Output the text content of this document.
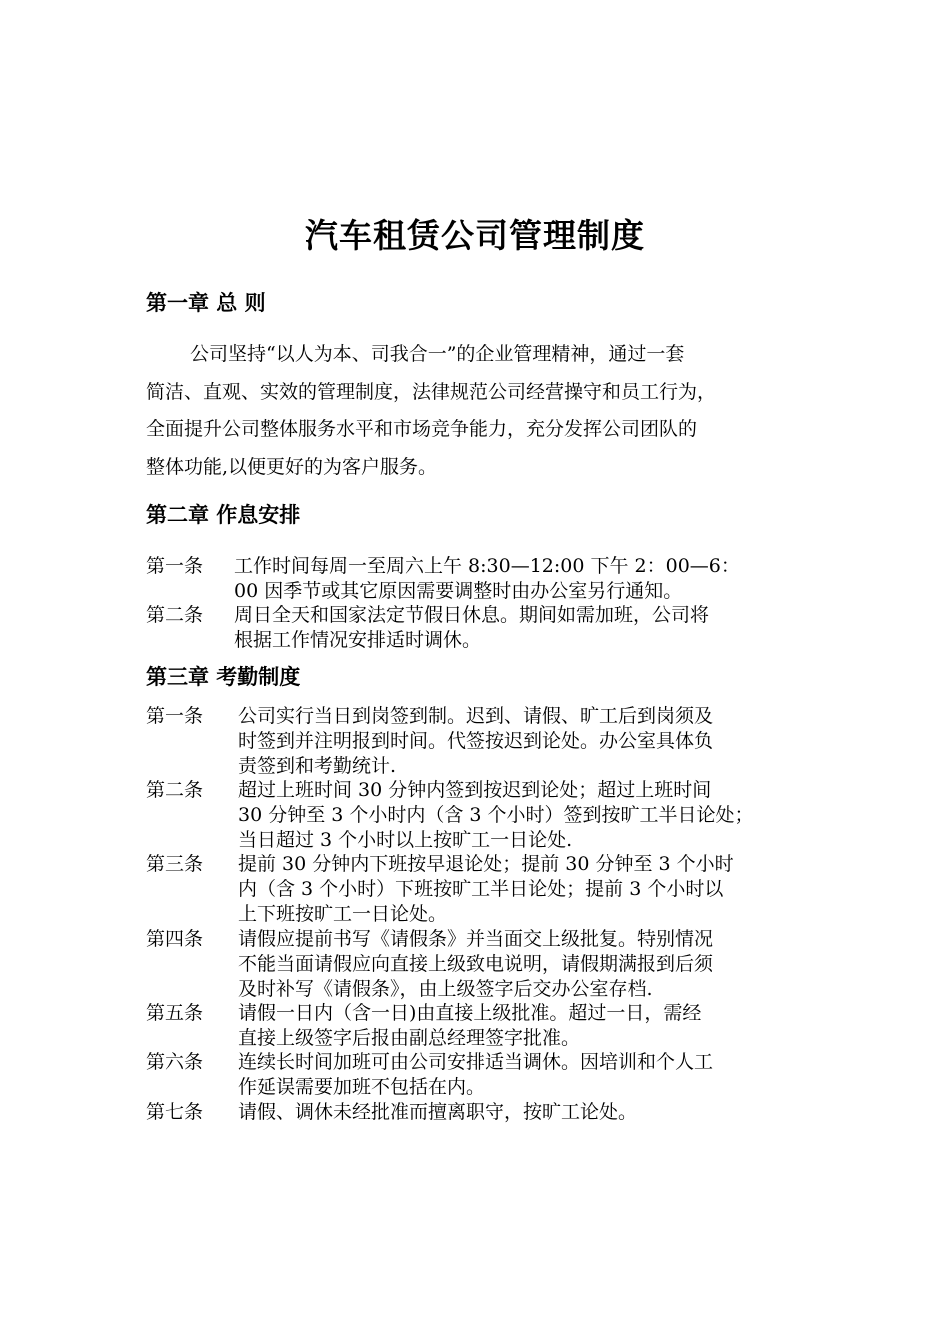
汽车租赁公司管理制度
第一章 总 则
公司坚持“以人为本、司我合一”的企业管理精神，通过一套
简洁、直观、实效的管理制度，法律规范公司经营操守和员工行为，
全面提升公司整体服务水平和市场竞争能力，充分发挥公司团队的
整体功能,以便更好的为客户服务。
第二章 作息安排
第一条 工作时间每周一至周六上午 8:30—12:00 下午 2：00—6：
00 因季节或其它原因需要调整时由办公室另行通知。
第二条 周日全天和国家法定节假日休息。期间如需加班，公司将
根据工作情况安排适时调休。
第三章 考勤制度
第一条 公司实行当日到岗签到制。迟到、请假、旷工后到岗须及
时签到并注明报到时间。代签按迟到论处。办公室具体负
责签到和考勤统计.
第二条 超过上班时间 30 分钟内签到按迟到论处；超过上班时间
30 分钟至 3 个小时内（含 3 个小时）签到按旷工半日论处；
当日超过 3 个小时以上按旷工一日论处.
第三条 提前 30 分钟内下班按早退论处；提前 30 分钟至 3 个小时
内（含 3 个小时）下班按旷工半日论处；提前 3 个小时以
上下班按旷工一日论处。
第四条 请假应提前书写《请假条》并当面交上级批复。特别情况
不能当面请假应向直接上级致电说明，请假期满报到后须
及时补写《请假条》，由上级签字后交办公室存档.
第五条 请假一日内（含一日)由直接上级批准。超过一日，需经
直接上级签字后报由副总经理签字批准。
第六条 连续长时间加班可由公司安排适当调休。因培训和个人工
作延误需要加班不包括在内。
第七条 请假、调休未经批准而擅离职守，按旷工论处。
